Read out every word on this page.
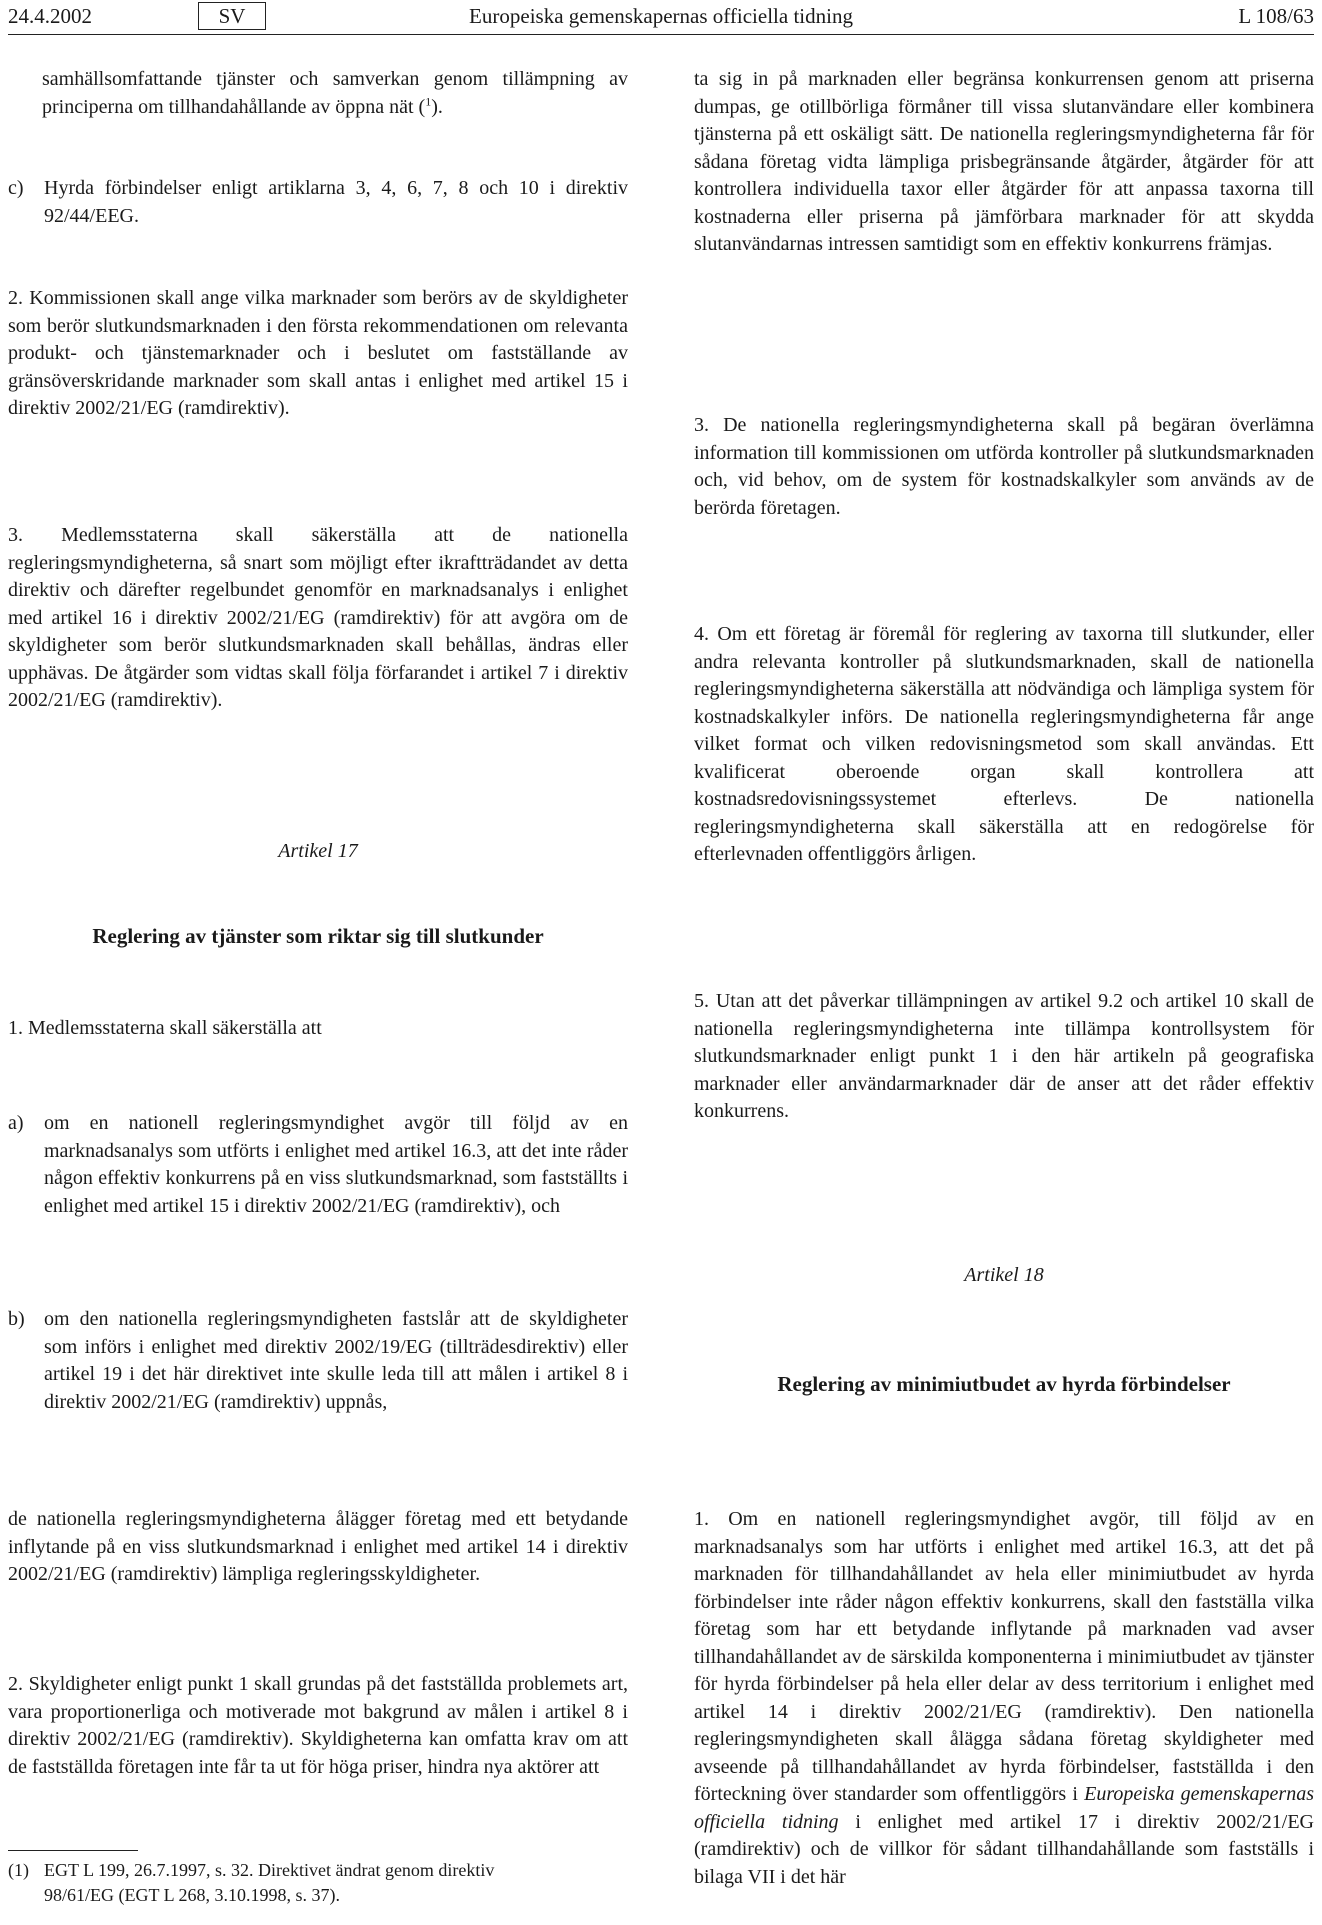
24.4.2002	Europeiska gemenskapernas officiella tidning
SV	L 108/63

samhällsomfattande tjänster och samverkan genom tillämpning av principerna om tillhandahållande av öppna nät ($^1$).

c)	Hyrda förbindelser enligt artiklarna 3, 4, 6, 7, 8 och 10 i direktiv 92/44/EEG.

2. Kommissionen skall ange vilka marknader som berörs av de skyldigheter som berör slutkundsmarknaden i den första rekommendationen om relevanta produkt- och tjänstemarknader och i beslutet om fastställande av gränsöverskridande marknader som skall antas i enlighet med artikel 15 i direktiv 2002/21/EG (ramdirektiv).

3. Medlemsstaterna skall säkerställa att de nationella regleringsmyndigheterna, så snart som möjligt efter ikraftträdandet av detta direktiv och därefter regelbundet genomför en marknadsanalys i enlighet med artikel 16 i direktiv 2002/21/EG (ramdirektiv) för att avgöra om de skyldigheter som berör slutkundsmarknaden skall behållas, ändras eller upphävas. De åtgärder som vidtas skall följa förfarandet i artikel 7 i direktiv 2002/21/EG (ramdirektiv).

Artikel 17
Reglering av tjänster som riktar sig till slutkunder

1. Medlemsstaterna skall säkerställa att

a)	om en nationell regleringsmyndighet avgör till följd av en marknadsanalys som utförts i enlighet med artikel 16.3, att det inte råder någon effektiv konkurrens på en viss slutkundsmarknad, som fastställts i enlighet med artikel 15 i direktiv 2002/21/EG (ramdirektiv), och
b) om den nationella regleringsmyndigheten fastslår att de skyldigheter som införs i enlighet med direktiv 2002/19/EG (tillträdesdirektiv) eller artikel 19 i det här direktivet inte skulle leda till att målen i artikel 8 i direktiv 2002/21/EG (ramdirektiv) uppnås,

de nationella regleringsmyndigheterna ålägger företag med ett betydande inflytande på en viss slutkundsmarknad i enlighet med artikel 14 i direktiv 2002/21/EG (ramdirektiv) lämpliga regleringsskyldigheter.

2. Skyldigheter enligt punkt 1 skall grundas på det fastställda problemets art, vara proportionerliga och motiverade mot bakgrund av målen i artikel 8 i direktiv 2002/21/EG (ramdirektiv). Skyldigheterna kan omfatta krav om att de fastställda företagen inte får ta ut för höga priser, hindra nya aktörer att

(1) EGT L 199, 26.7.1997, s. 32. Direktivet ändrat genom direktiv
98/61/EG (EGT L 268, 3.10.1998, s. 37).

ta sig in på marknaden eller begränsa konkurrensen genom att priserna dumpas, ge otillbörliga förmåner till vissa slutanvändare eller kombinera tjänsterna på ett oskäligt sätt. De nationella regleringsmyndigheterna får för sådana företag vidta lämpliga prisbegränsande åtgärder, åtgärder för att kontrollera individuella taxor eller åtgärder för att anpassa taxorna till kostnaderna eller priserna på jämförbara marknader för att skydda slutanvändarnas intressen samtidigt som en effektiv konkurrens främjas.

3. De nationella regleringsmyndigheterna skall på begäran överlämna information till kommissionen om utförda kontroller på slutkundsmarknaden och, vid behov, om de system för kostnadskalkyler som används av de berörda företagen.

4. Om ett företag är föremål för reglering av taxorna till slutkunder, eller andra relevanta kontroller på slutkundsmarknaden, skall de nationella regleringsmyndigheterna säkerställa att nödvändiga och lämpliga system för kostnadskalkyler införs. De nationella regleringsmyndigheterna får ange vilket format och vilken redovisningsmetod som skall användas. Ett kvalificerat oberoende organ skall kontrollera att kostnadsredovisningssystemet efterlevs. De nationella regleringsmyndigheterna skall säkerställa att en redogörelse för efterlevnaden offentliggörs årligen.

5. Utan att det påverkar tillämpningen av artikel 9.2 och artikel 10 skall de nationella regleringsmyndigheterna inte tillämpa kontrollsystem för slutkundsmarknader enligt punkt 1 i den här artikeln på geografiska marknader eller användarmarknader där de anser att det råder effektiv konkurrens.

Artikel 18
Reglering av minimiutbudet av hyrda förbindelser

1. Om en nationell regleringsmyndighet avgör, till följd av en marknadsanalys som har utförts i enlighet med artikel 16.3, att det på marknaden för tillhandahållandet av hela eller minimiutbudet av hyrda förbindelser inte råder någon effektiv konkurrens, skall den fastställa vilka företag som har ett betydande inflytande på marknaden vad avser tillhandahållandet av de särskilda komponenterna i minimiutbudet av tjänster för hyrda förbindelser på hela eller delar av dess territorium i enlighet med artikel 14 i direktiv 2002/21/EG (ramdirektiv). Den nationella regleringsmyndigheten skall ålägga sådana företag skyldigheter med avseende på tillhandahållandet av hyrda förbindelser, fastställda i den förteckning över standarder som offentliggörs i Europeiska gemenskapernas officiella tidning i enlighet med artikel 17 i direktiv 2002/21/EG (ramdirektiv) och de villkor för sådant tillhandahållande som fastställs i bilaga VII i det här
